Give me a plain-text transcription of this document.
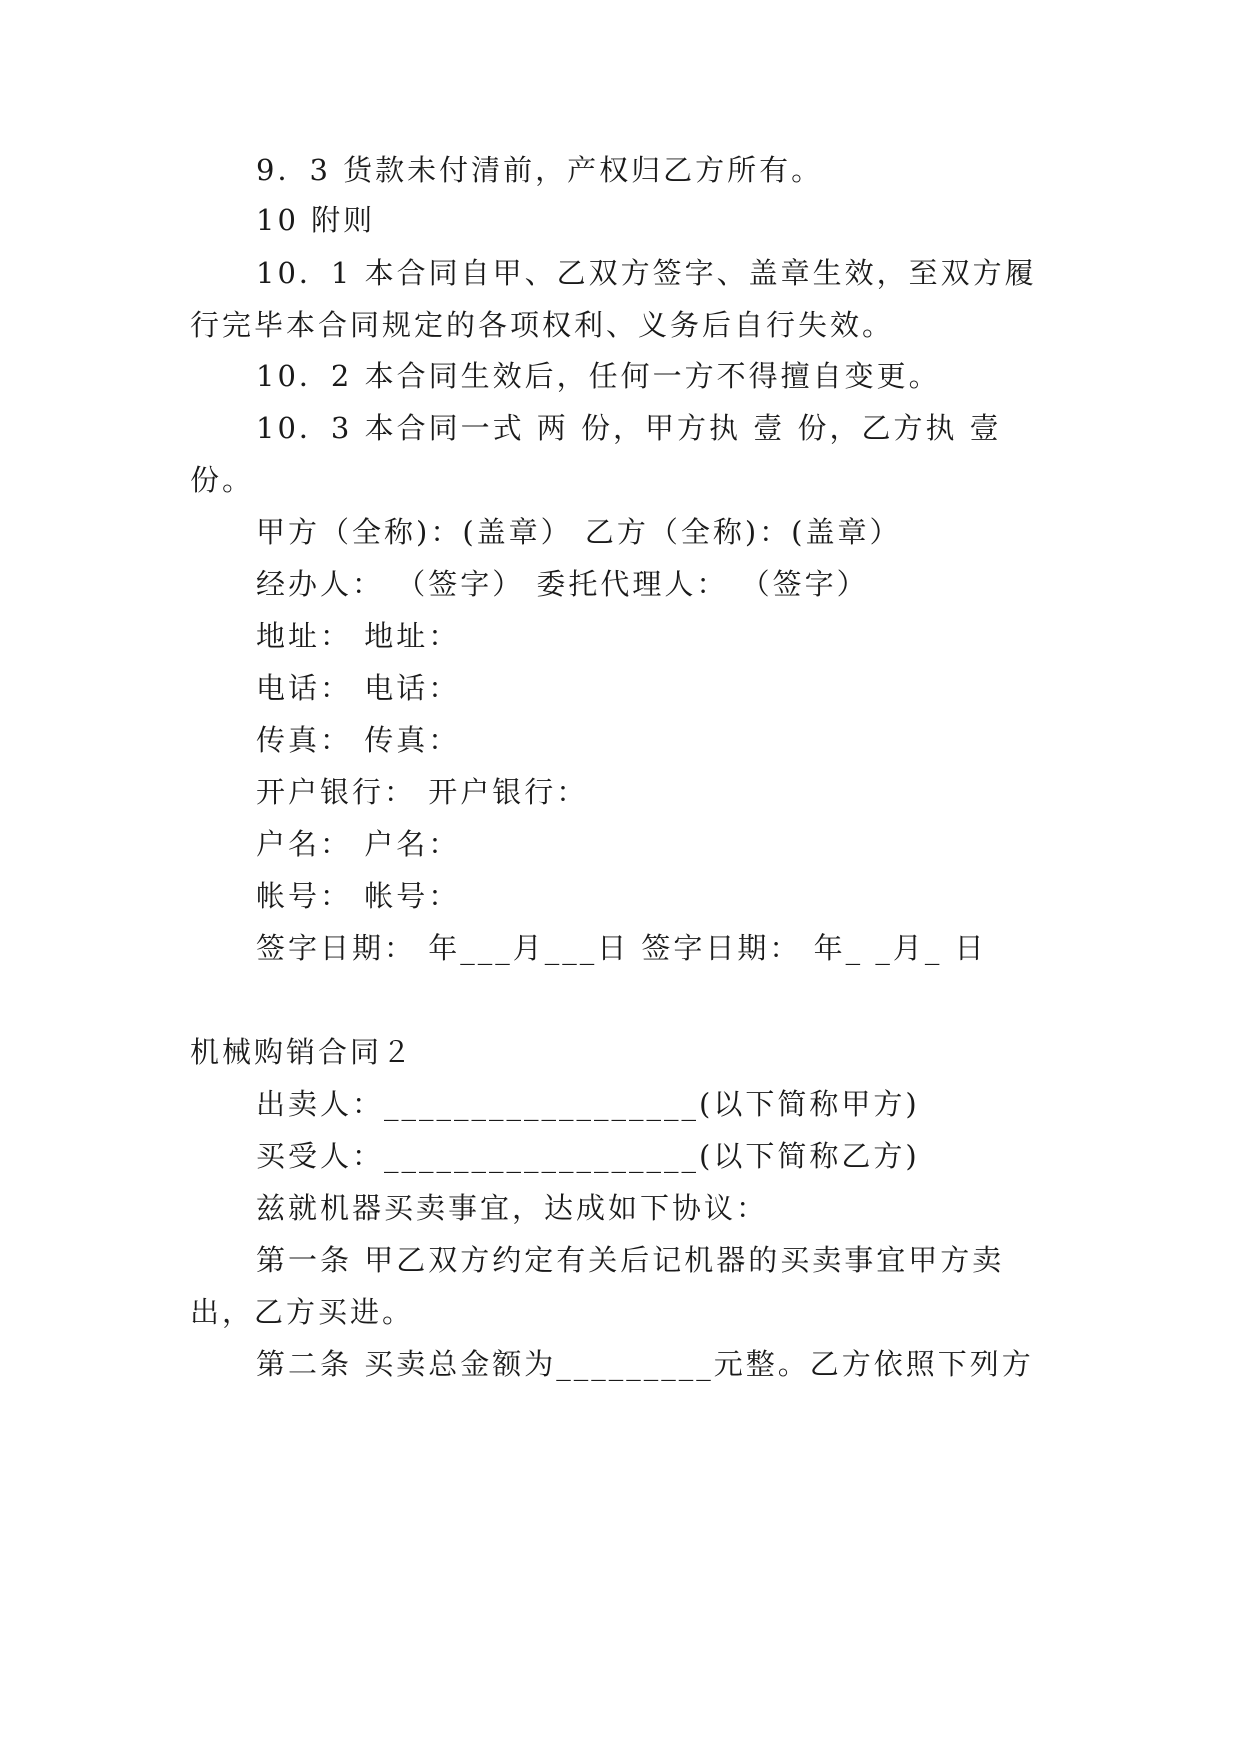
9．3 货款未付清前，产权归乙方所有。
10 附则
10．1 本合同自甲、乙双方签字、盖章生效，至双方履
行完毕本合同规定的各项权利、义务后自行失效。
10．2 本合同生效后，任何一方不得擅自变更。
10．3 本合同一式 两 份，甲方执 壹 份，乙方执 壹
份。
甲方（全称)：(盖章） 乙方（全称)：(盖章）
经办人： （签字） 委托代理人： （签字）
地址： 地址：
电话： 电话：
传真： 传真：
开户银行： 开户银行：
户名： 户名：
帐号： 帐号：
签字日期： 年___月___日 签字日期： 年_ _月_ 日
机械购销合同２
出卖人：__________________(以下简称甲方)
买受人：__________________(以下简称乙方)
兹就机器买卖事宜，达成如下协议：
第一条 甲乙双方约定有关后记机器的买卖事宜甲方卖
出，乙方买进。
第二条 买卖总金额为_________元整。乙方依照下列方
